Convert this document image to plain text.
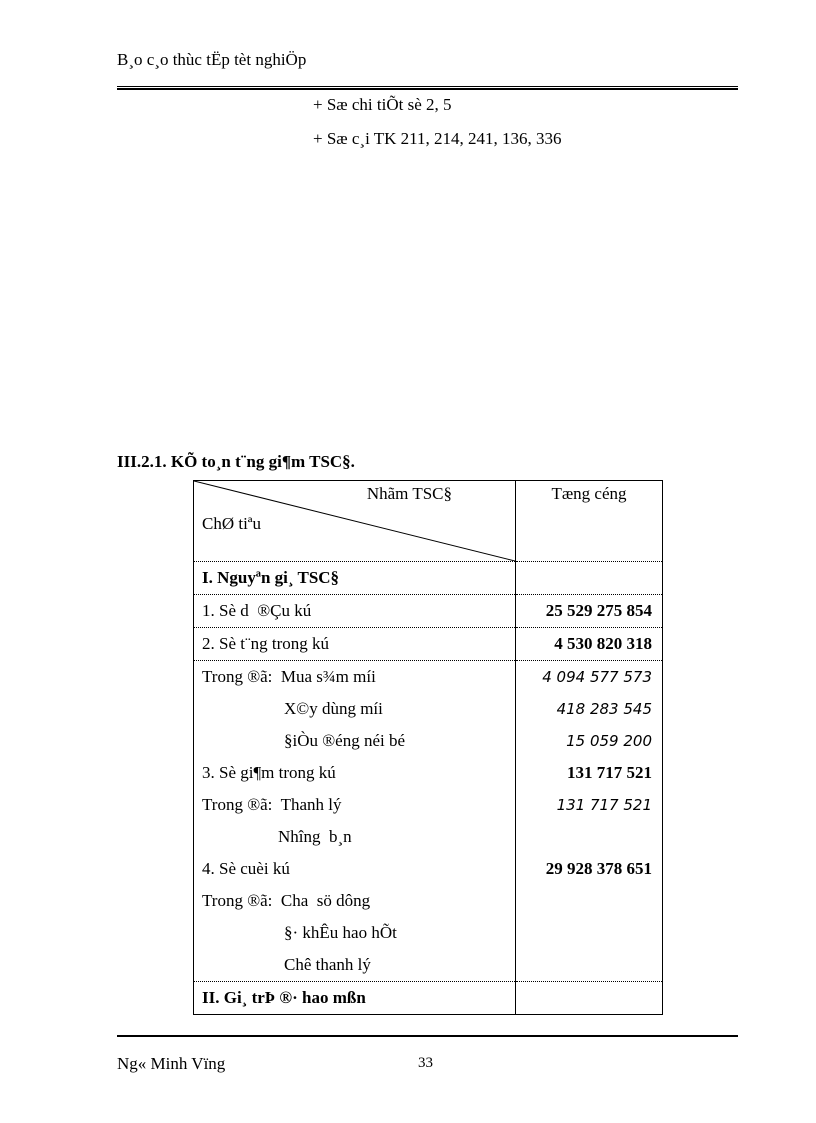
B¸o c¸o thùc tËp tèt nghiÖp
+ Sæ chi tiÕt sè 2, 5
+ Sæ c¸i TK 211, 214, 241, 136, 336
III.2.1. KÕ to¸n t¨ng gi¶m TSC§.
Nhãm TSC§
ChØ tiªu	Tæng céng
I. Nguyªn gi¸ TSC§	
1. Sè d  ®Çu kú	25 529 275 854
2. Sè t¨ng trong kú	4 530 820 318
Trong ®ã:  Mua s¾m míi	4 094 577 573
X©y dùng míi	418 283 545
§iÒu ®éng néi bé	15 059 200
3. Sè gi¶m trong kú	131 717 521
Trong ®ã:  Thanh lý	131 717 521
Nhîng  b¸n	
4. Sè cuèi kú	29 928 378 651
Trong ®ã:  Cha  sö dông	
§· khÊu hao hÕt	
Chê thanh lý	
II. Gi¸ trÞ ®· hao mßn	
Ng« Minh Vïng	33
